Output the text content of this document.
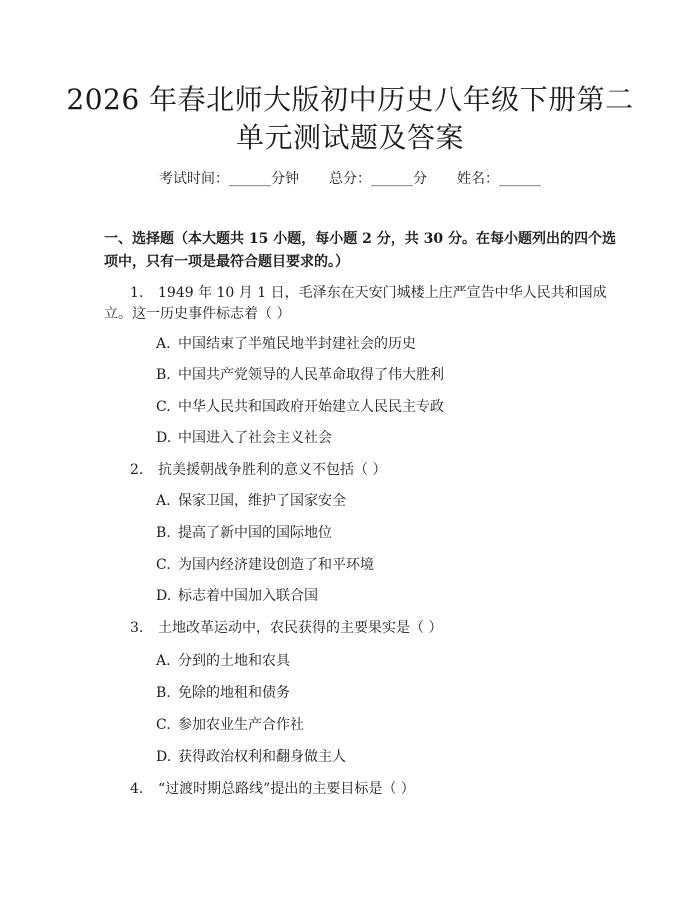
2026 年春北师大版初中历史八年级下册第二
单元测试题及答案
考试时间：______分钟 总分：______分 姓名：______
一、选择题（本大题共 15 小题，每小题 2 分，共 30 分。在每小题列出的四个选
项中，只有一项是最符合题目要求的。）
1. 1949 年 10 月 1 日，毛泽东在天安门城楼上庄严宣告中华人民共和国成
立。这一历史事件标志着（ ）
A. 中国结束了半殖民地半封建社会的历史
B. 中国共产党领导的人民革命取得了伟大胜利
C. 中华人民共和国政府开始建立人民民主专政
D. 中国进入了社会主义社会
2. 抗美援朝战争胜利的意义不包括（ ）
A. 保家卫国，维护了国家安全
B. 提高了新中国的国际地位
C. 为国内经济建设创造了和平环境
D. 标志着中国加入联合国
3. 土地改革运动中，农民获得的主要果实是（ ）
A. 分到的土地和农具
B. 免除的地租和债务
C. 参加农业生产合作社
D. 获得政治权利和翻身做主人
4. “过渡时期总路线”提出的主要目标是（ ）
